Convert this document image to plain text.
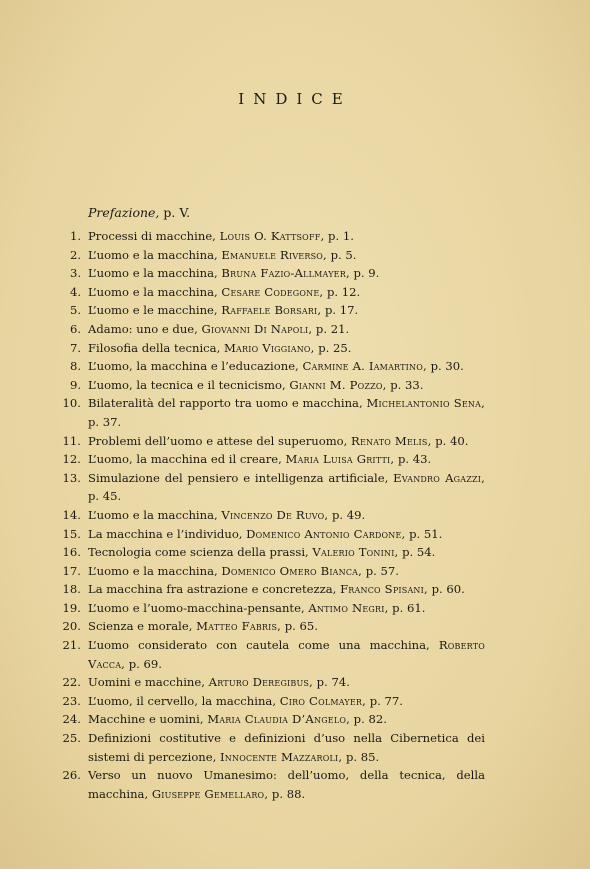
INDICE
Prefazione, p. V.
1. Processi di macchine, Louis O. Kattsoff, p. 1.
2. L’uomo e la macchina, Emanuele Riverso, p. 5.
3. L’uomo e la macchina, Bruna Fazio-Allmayer, p. 9.
4. L’uomo e la macchina, Cesare Codegone, p. 12.
5. L’uomo e le macchine, Raffaele Borsari, p. 17.
6. Adamo: uno e due, Giovanni Di Napoli, p. 21.
7. Filosofia della tecnica, Mario Viggiano, p. 25.
8. L’uomo, la macchina e l’educazione, Carmine A. Iamartino, p. 30.
9. L’uomo, la tecnica e il tecnicismo, Gianni M. Pozzo, p. 33.
10. Bilateralità del rapporto tra uomo e macchina, Michelantonio Sena, p. 37.
11. Problemi dell’uomo e attese del superuomo, Renato Melis, p. 40.
12. L’uomo, la macchina ed il creare, Maria Luisa Gritti, p. 43.
13. Simulazione del pensiero e intelligenza artificiale, Evandro Agazzi, p. 45.
14. L’uomo e la macchina, Vincenzo De Ruvo, p. 49.
15. La macchina e l’individuo, Domenico Antonio Cardone, p. 51.
16. Tecnologia come scienza della prassi, Valerio Tonini, p. 54.
17. L’uomo e la macchina, Domenico Omero Bianca, p. 57.
18. La macchina fra astrazione e concretezza, Franco Spisani, p. 60.
19. L’uomo e l’uomo-macchina-pensante, Antimo Negri, p. 61.
20. Scienza e morale, Matteo Fabris, p. 65.
21. L’uomo considerato con cautela come una macchina, Roberto Vacca, p. 69.
22. Uomini e macchine, Arturo Deregibus, p. 74.
23. L’uomo, il cervello, la macchina, Ciro Colmayer, p. 77.
24. Macchine e uomini, Maria Claudia D’Angelo, p. 82.
25. Definizioni costitutive e definizioni d’uso nella Cibernetica dei sistemi di percezione, Innocente Mazzaroli, p. 85.
26. Verso un nuovo Umanesimo: dell’uomo, della tecnica, della macchina, Giuseppe Gemellaro, p. 88.
